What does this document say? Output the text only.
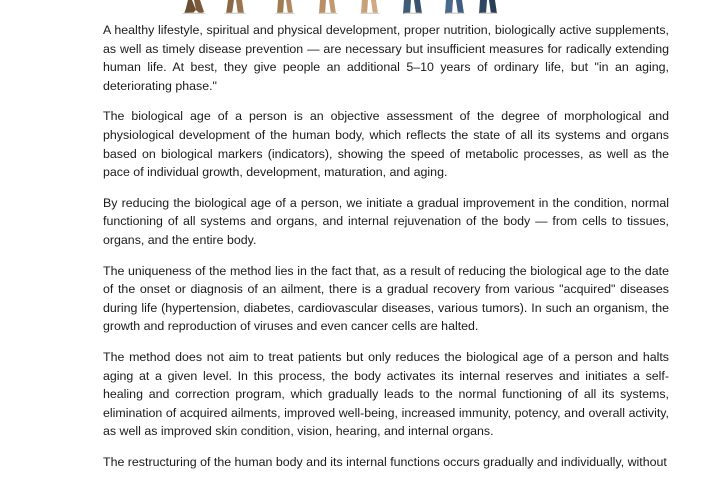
A healthy lifestyle, spiritual and physical development, proper nutrition, biologically active supplements, as well as timely disease prevention — are necessary but insufficient measures for radically extending human life. At best, they give people an additional 5–10 years of ordinary life, but "in an aging, deteriorating phase."

The biological age of a person is an objective assessment of the degree of morphological and physiological development of the human body, which reflects the state of all its systems and organs based on biological markers (indicators), showing the speed of metabolic processes, as well as the pace of individual growth, development, maturation, and aging.

By reducing the biological age of a person, we initiate a gradual improvement in the condition, normal functioning of all systems and organs, and internal rejuvenation of the body — from cells to tissues, organs, and the entire body.

The uniqueness of the method lies in the fact that, as a result of reducing the biological age to the date of the onset or diagnosis of an ailment, there is a gradual recovery from various "acquired" diseases during life (hypertension, diabetes, cardiovascular diseases, various tumors). In such an organism, the growth and reproduction of viruses and even cancer cells are halted.

The method does not aim to treat patients but only reduces the biological age of a person and halts aging at a given level. In this process, the body activates its internal reserves and initiates a self-healing and correction program, which gradually leads to the normal functioning of all its systems, elimination of acquired ailments, improved well-being, increased immunity, potency, and overall activity, as well as improved skin condition, vision, hearing, and internal organs.

The restructuring of the human body and its internal functions occurs gradually and individually, without
